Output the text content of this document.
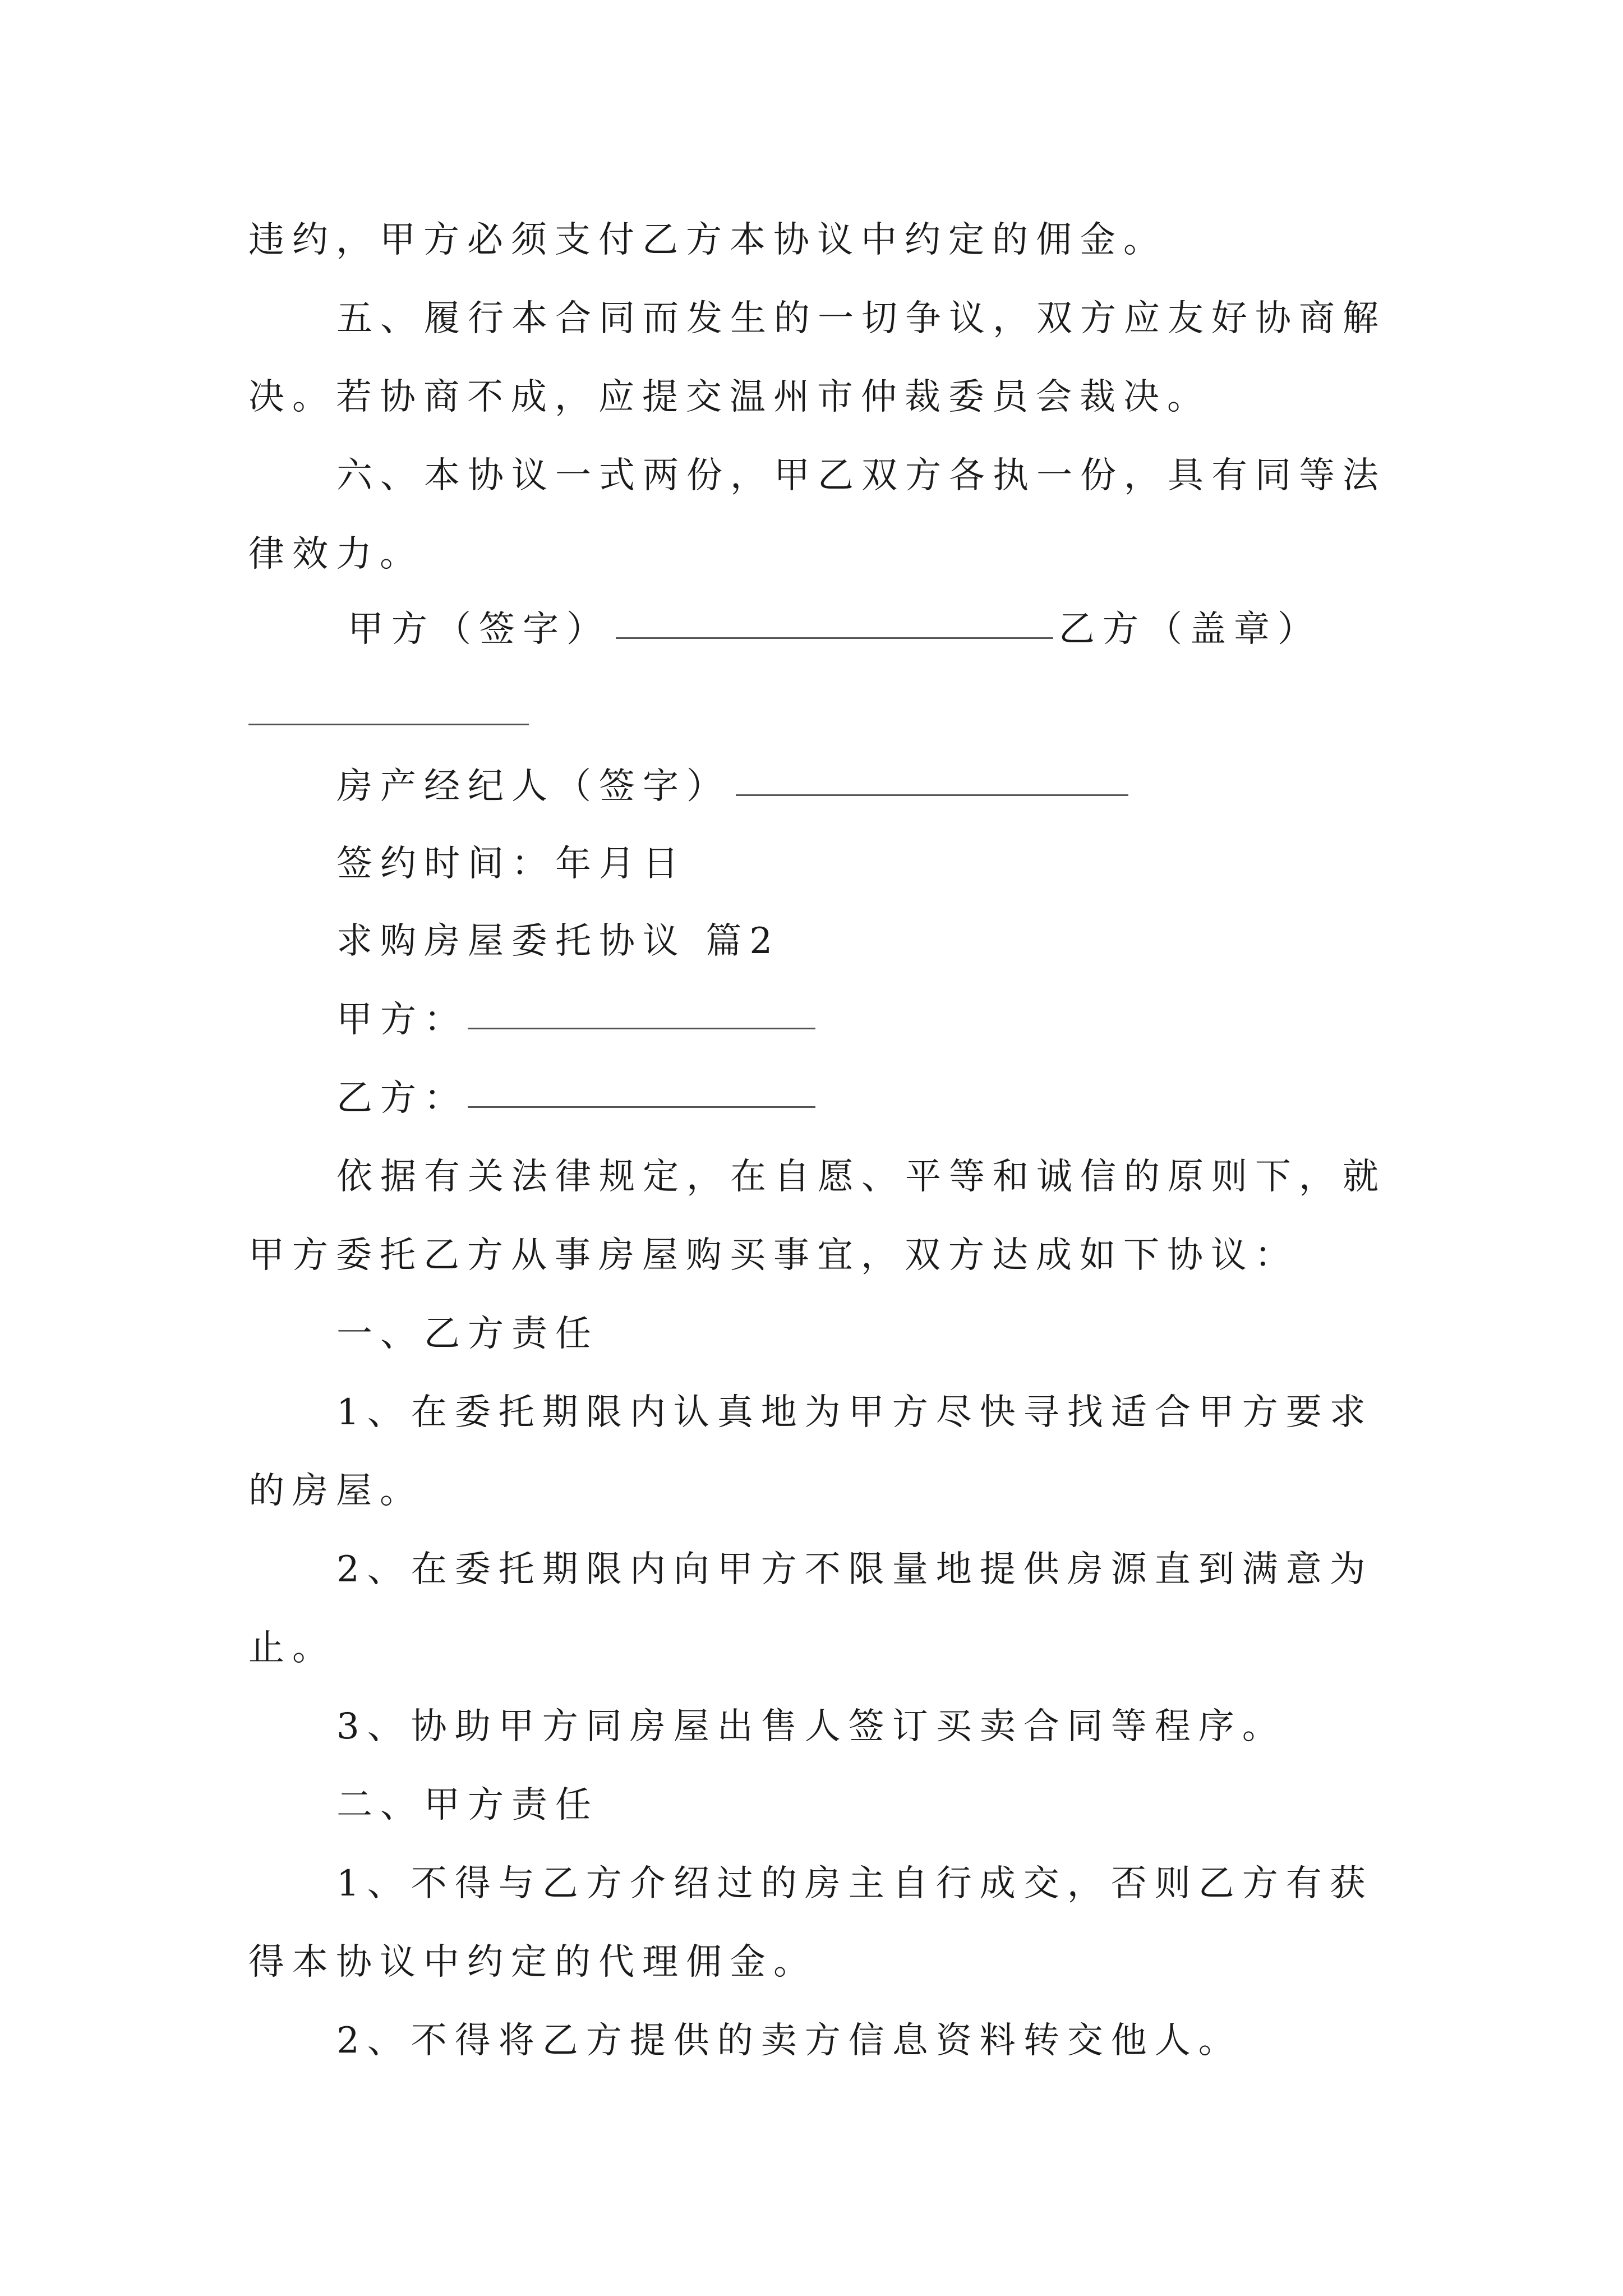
违约，甲方必须支付乙方本协议中约定的佣金。
五、履行本合同而发生的一切争议，双方应友好协商解
决。若协商不成，应提交温州市仲裁委员会裁决。
六、本协议一式两份，甲乙双方各执一份，具有同等法
律效力。
甲方（签字）	乙方（盖章）
房产经纪人（签字）
签约时间：年月日
求购房屋委托协议 篇2
甲方：
乙方：
依据有关法律规定，在自愿、平等和诚信的原则下，就
甲方委托乙方从事房屋购买事宜，双方达成如下协议：
一、乙方责任
1、在委托期限内认真地为甲方尽快寻找适合甲方要求
的房屋。
2、在委托期限内向甲方不限量地提供房源直到满意为
止。
3、协助甲方同房屋出售人签订买卖合同等程序。
二、甲方责任
1、不得与乙方介绍过的房主自行成交，否则乙方有获
得本协议中约定的代理佣金。
2、不得将乙方提供的卖方信息资料转交他人。
